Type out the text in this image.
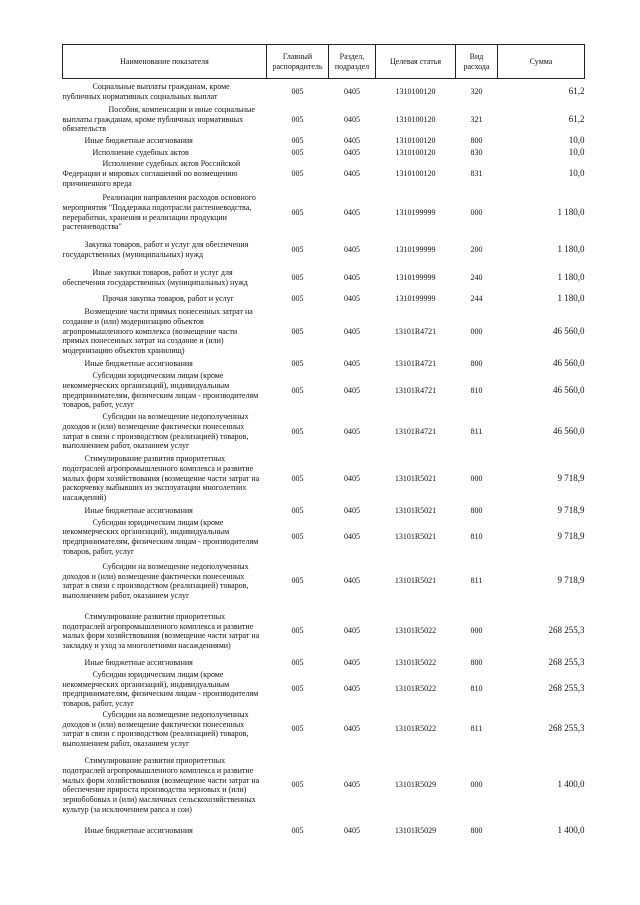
Наименование показателя	Главный распорядитель	Раздел, подраздел	Целевая статья	Вид расхода	Сумма
Социальные выплаты гражданам, кроме публичных нормативных социальных выплат	005	0405	1310100120	320	61,2
Пособия, компенсации и иные социальные выплаты гражданам, кроме публичных нормативных обязательств	005	0405	1310100120	321	61,2
Иные бюджетные ассигнования	005	0405	1310100120	800	10,0
Исполнение судебных актов	005	0405	1310100120	830	10,0
Исполнение судебных актов Российской Федерации и мировых соглашений по возмещению причиненного вреда	005	0405	1310100120	831	10,0
Реализация направления расходов основного мероприятия "Поддержка подотрасли растениеводства, переработки, хранения и реализации продукции растениеводства"	005	0405	1310199999	000	1 180,0
Закупка товаров, работ и услуг для обеспечения государственных (муниципальных) нужд	005	0405	1310199999	200	1 180,0
Иные закупки товаров, работ и услуг для обеспечения государственных (муниципальных) нужд	005	0405	1310199999	240	1 180,0
Прочая закупка товаров, работ и услуг	005	0405	1310199999	244	1 180,0
Возмещение части прямых понесенных затрат на создание и (или) модернизацию объектов агропромышленного комплекса (возмещение части прямых понесенных затрат на создание и (или) модернизацию объектов хранилищ)	005	0405	13101R4721	000	46 560,0
Иные бюджетные ассигнования	005	0405	13101R4721	800	46 560,0
Субсидии юридическим лицам (кроме некоммерческих организаций), индивидуальным предпринимателям, физическим лицам - производителям товаров, работ, услуг	005	0405	13101R4721	810	46 560,0
Субсидии на возмещение недополученных доходов и (или) возмещение фактически понесенных затрат в связи с производством (реализацией) товаров, выполнением работ, оказанием услуг	005	0405	13101R4721	811	46 560,0
Стимулирование развития приоритетных подотраслей агропромышленного комплекса и развитие малых форм хозяйствования (возмещение части затрат на раскорчевку выбывших из эксплуатации многолетних насаждений)	005	0405	13101R5021	000	9 718,9
Иные бюджетные ассигнования	005	0405	13101R5021	800	9 718,9
Субсидии юридическим лицам (кроме некоммерческих организаций), индивидуальным предпринимателям, физическим лицам - производителям товаров, работ, услуг	005	0405	13101R5021	810	9 718,9
Субсидии на возмещение недополученных доходов и (или) возмещение фактически понесенных затрат в связи с производством (реализацией) товаров, выполнением работ, оказанием услуг	005	0405	13101R5021	811	9 718,9
Стимулирование развития приоритетных подотраслей агропромышленного комплекса и развитие малых форм хозяйствования (возмещение части затрат на закладку и уход за многолетними насаждениями)	005	0405	13101R5022	000	268 255,3
Иные бюджетные ассигнования	005	0405	13101R5022	800	268 255,3
Субсидии юридическим лицам (кроме некоммерческих организаций), индивидуальным предпринимателям, физическим лицам - производителям товаров, работ, услуг	005	0405	13101R5022	810	268 255,3
Субсидии на возмещение недополученных доходов и (или) возмещение фактически понесенных затрат в связи с производством (реализацией) товаров, выполнением работ, оказанием услуг	005	0405	13101R5022	811	268 255,3
Стимулирование развития приоритетных подотраслей агропромышленного комплекса и развитие малых форм хозяйствования (возмещение части затрат на обеспечение прироста производства зерновых и (или) зернобобовых и (или) масличных сельскохозяйственных культур (за исключением рапса и сои)	005	0405	13101R5029	000	1 400,0
Иные бюджетные ассигнования	005	0405	13101R5029	800	1 400,0
